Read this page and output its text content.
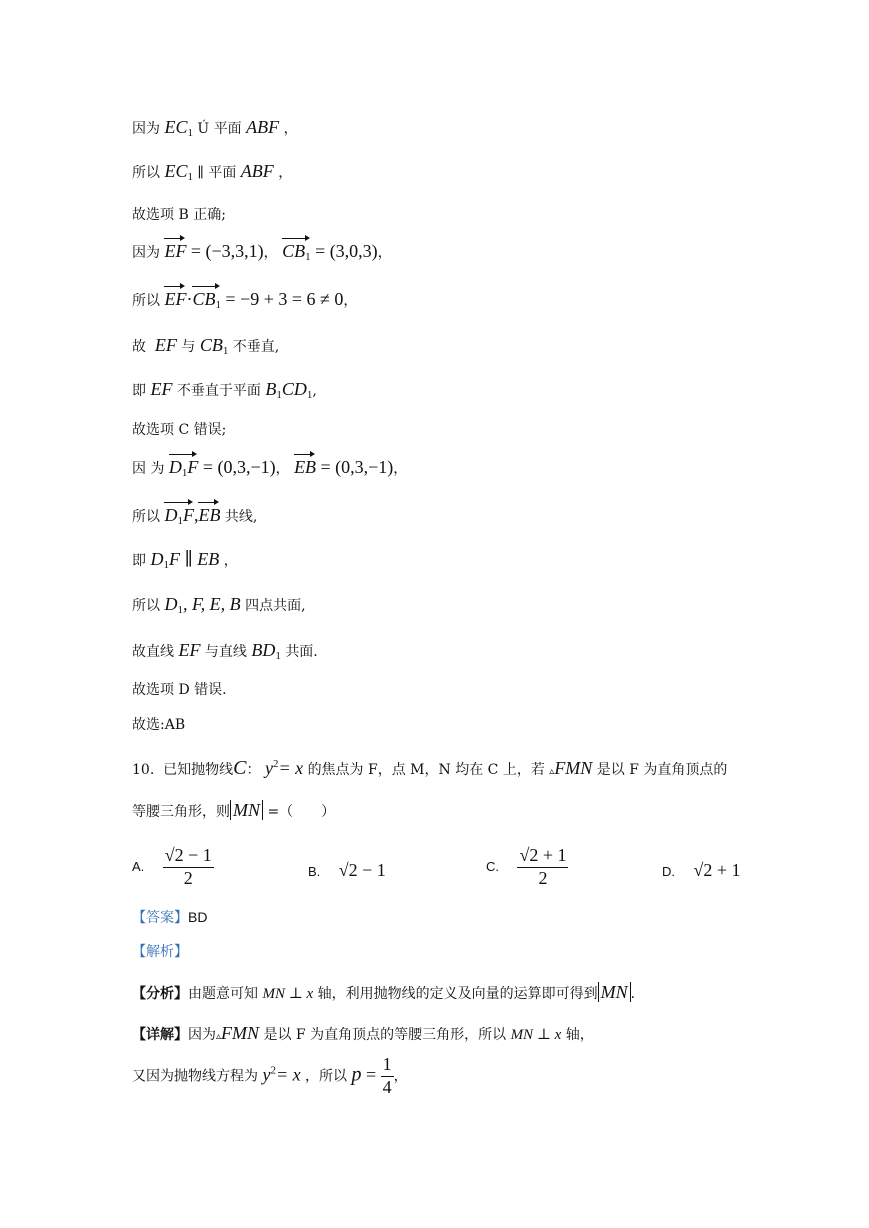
因为 $EC_1$ Ú 平面 ABF ，
所以 $EC_1$ ∥ 平面 ABF ，
故选项 B 正确;
因为 EF = (−3,3,1)， $CB_1 = (3,0,3)$，
所以 $EF\cdot CB_1 = -9 + 3 = 6 \ne 0$，
故 EF 与 $CB_1$ 不垂直,
即 EF 不垂直于平面 $B_1CD_1$,
故选项 C 错误;
因 为 $D_1F = (0,3,-1)$， EB = (0,3,−1)，
所以 $D_1F,EB$ 共线,
即 $D_1F$ ∥ EB ，
所以 $D_1$, F, E, B 四点共面,
故直线 EF 与直线 $BD_1$ 共面.
故选项 D 错误.
故选:AB
10. 已知抛物线C： $y^2= x$ 的焦点为 F，点 M，N 均在 C 上，若 ▵FMN 是以 F 为直角顶点的
等腰三角形，则 MN =（　　）
A. $\frac{√2 - 1}{2}$	B. √2 − 1	C. $\frac{√2 + 1}{2}$	D. √2 + 1
【答案】BD
【解析】
【分析】由题意可知 MN ⊥ x 轴，利用抛物线的定义及向量的运算即可得到 MN .
【详解】因为▵FMN 是以 F 为直角顶点的等腰三角形，所以 MN ⊥ x 轴，
又因为抛物线方程为 $y^2= x$ ，所以 $p = \frac{1}{4}$ ，
